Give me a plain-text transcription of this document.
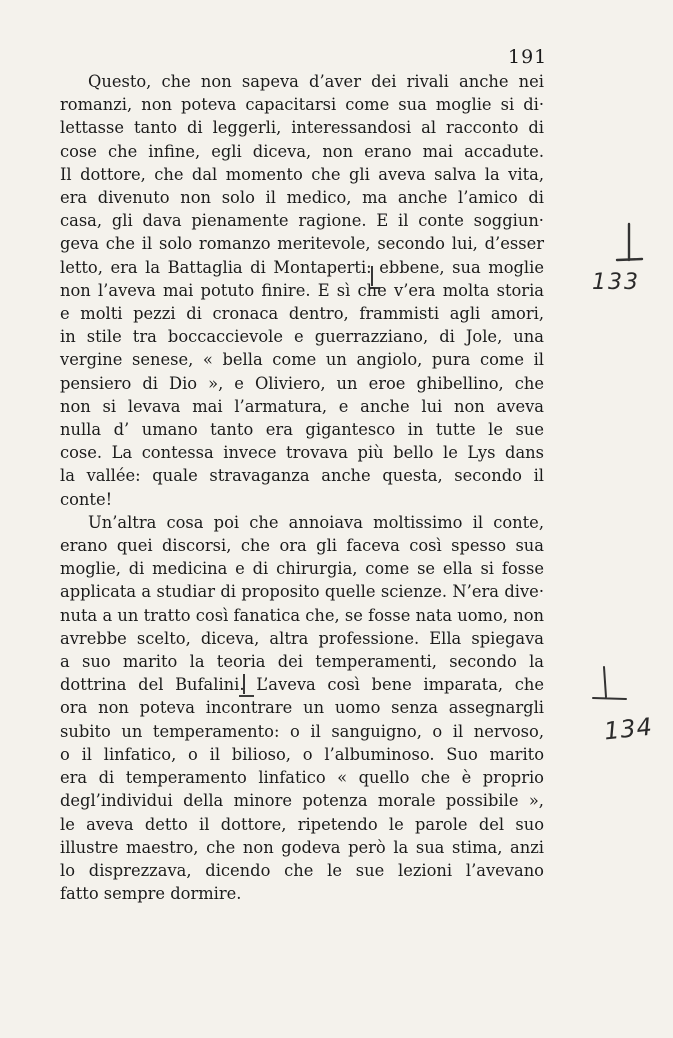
191

Questo, che non sapeva d’aver dei rivali anche nei
romanzi, non poteva capacitarsi come sua moglie si di·
lettasse tanto di leggerli, interessandosi al racconto di
cose che infine, egli diceva, non erano mai accadute.
Il dottore, che dal momento che gli aveva salva la vita,
era divenuto non solo il medico, ma anche l’amico di
casa, gli dava pienamente ragione. E il conte soggiun·
geva che il solo romanzo meritevole, secondo lui, d’esser
letto, era la Battaglia di Montaperti: ebbene, sua moglie
non l’aveva mai potuto finire. E sì che v’era molta storia
e molti pezzi di cronaca dentro, frammisti agli amori,
in stile tra boccaccievole e guerrazziano, di Jole, una
vergine senese, « bella come un angiolo, pura come il
pensiero di Dio », e Oliviero, un eroe ghibellino, che
non si levava mai l’armatura, e anche lui non aveva
nulla d’ umano tanto era gigantesco in tutte le sue
cose. La contessa invece trovava più bello le Lys dans
la vallée: quale stravaganza anche questa, secondo il
conte!

Un’altra cosa poi che annoiava moltissimo il conte,
erano quei discorsi, che ora gli faceva così spesso sua
moglie, di medicina e di chirurgia, come se ella si fosse
applicata a studiar di proposito quelle scienze. N’era dive·
nuta a un tratto così fanatica che, se fosse nata uomo, non
avrebbe scelto, diceva, altra professione. Ella spiegava
a suo marito la teoria dei temperamenti, secondo la
dottrina del Bufalini. L’aveva così bene imparata, che
ora non poteva incontrare un uomo senza assegnargli
subito un temperamento: o il sanguigno, o il nervoso,
o il linfatico, o il bilioso, o l’albuminoso. Suo marito
era di temperamento linfatico « quello che è proprio
degl’individui della minore potenza morale possibile »,
le aveva detto il dottore, ripetendo le parole del suo
illustre maestro, che non godeva però la sua stima, anzi
lo disprezzava, dicendo che le sue lezioni l’avevano
fatto sempre dormire.

133
134
